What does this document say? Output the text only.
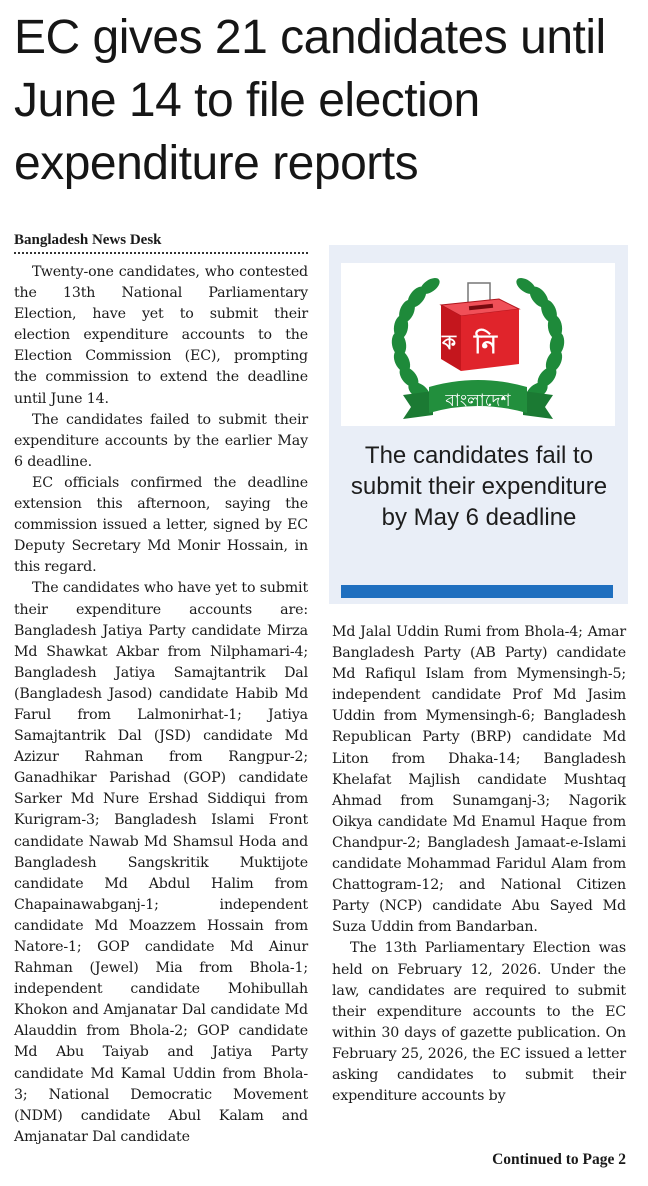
EC gives 21 candidates until June 14 to file election expenditure reports
Bangladesh News Desk

Twenty-one candidates, who contested the 13th National Parliamentary Election, have yet to submit their election expenditure accounts to the Election Commission (EC), prompting the commission to extend the deadline until June 14.

The candidates failed to submit their expenditure accounts by the earlier May 6 deadline.

EC officials confirmed the deadline extension this afternoon, saying the commission issued a letter, signed by EC Deputy Secretary Md Monir Hossain, in this regard.

The candidates who have yet to submit their expenditure accounts are: Bangladesh Jatiya Party candidate Mirza Md Shawkat Akbar from Nilphamari-4; Bangladesh Jatiya Samajtantrik Dal (Bangladesh Jasod) candidate Habib Md Farul from Lalmonirhat-1; Jatiya Samajtantrik Dal (JSD) candidate Md Azizur Rahman from Rangpur-2; Ganadhikar Parishad (GOP) candidate Sarker Md Nure Ershad Siddiqui from Kurigram-3; Bangladesh Islami Front candidate Nawab Md Shamsul Hoda and Bangladesh Sangskritik Muktijote candidate Md Abdul Halim from Chapainawabganj-1; independent candidate Md Moazzem Hossain from Natore-1; GOP candidate Md Ainur Rahman (Jewel) Mia from Bhola-1; independent candidate Mohibullah Khokon and Amjanatar Dal candidate Md Alauddin from Bhola-2; GOP candidate Md Abu Taiyab and Jatiya Party candidate Md Kamal Uddin from Bhola-3; National Democratic Movement (NDM) candidate Abul Kalam and Amjanatar Dal candidate

নি
ক
বাংলাদেশ
The candidates fail to submit their expenditure by May 6 deadline

Md Jalal Uddin Rumi from Bhola-4; Amar Bangladesh Party (AB Party) candidate Md Rafiqul Islam from Mymensingh-5; independent candidate Prof Md Jasim Uddin from Mymensingh-6; Bangladesh Republican Party (BRP) candidate Md Liton from Dhaka-14; Bangladesh Khelafat Majlish candidate Mushtaq Ahmad from Sunamganj-3; Nagorik Oikya candidate Md Enamul Haque from Chandpur-2; Bangladesh Jamaat-e-Islami candidate Mohammad Faridul Alam from Chattogram-12; and National Citizen Party (NCP) candidate Abu Sayed Md Suza Uddin from Bandarban.

The 13th Parliamentary Election was held on February 12, 2026. Under the law, candidates are required to submit their expenditure accounts to the EC within 30 days of gazette publication. On February 25, 2026, the EC issued a letter asking candidates to submit their expenditure accounts by

Continued to Page 2
